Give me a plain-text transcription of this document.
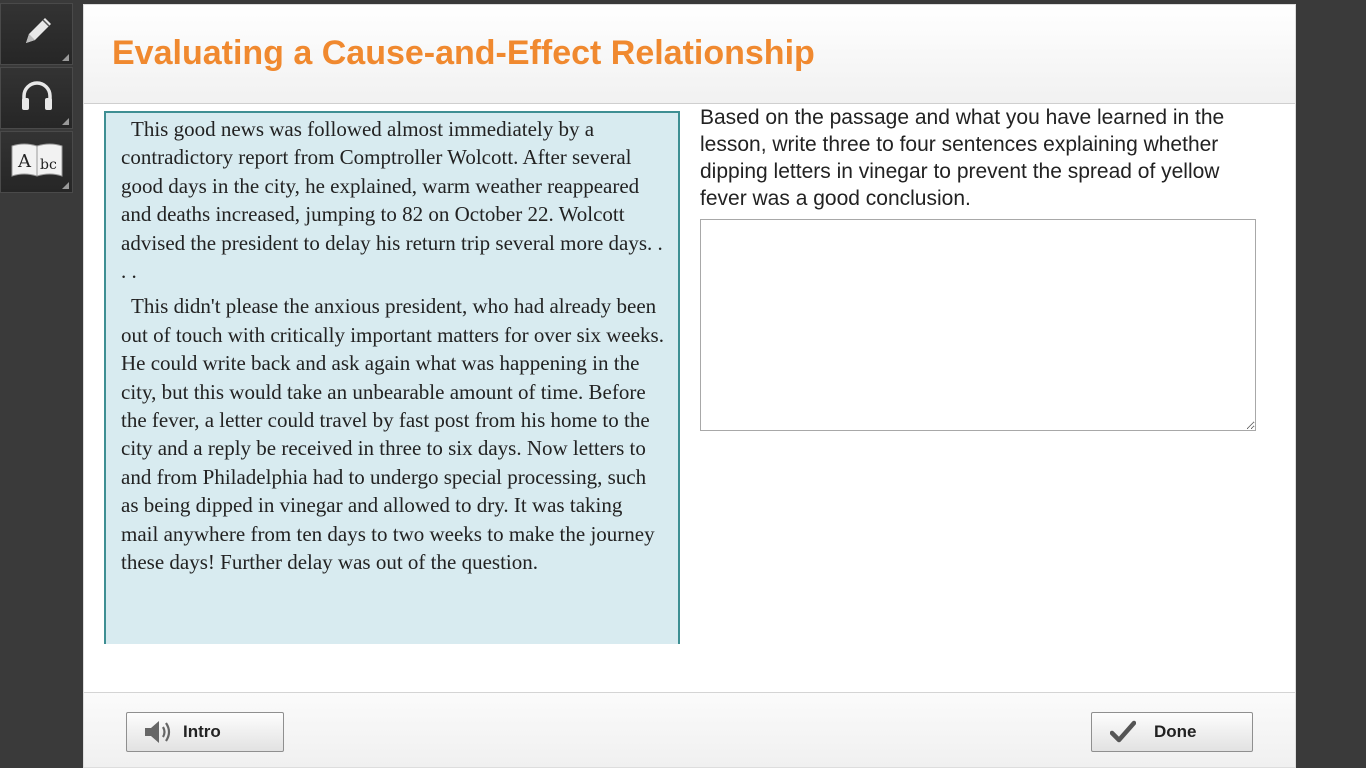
A bc
Evaluating a Cause-and-Effect Relationship

This good news was followed almost immediately by a contradictory report from Comptroller Wolcott. After several good days in the city, he explained, warm weather reappeared and deaths increased, jumping to 82 on October 22. Wolcott advised the president to delay his return trip several more days. . . .

This didn't please the anxious president, who had already been out of touch with critically important matters for over six weeks. He could write back and ask again what was happening in the city, but this would take an unbearable amount of time. Before the fever, a letter could travel by fast post from his home to the city and a reply be received in three to six days. Now letters to and from Philadelphia had to undergo special processing, such as being dipped in vinegar and allowed to dry. It was taking mail anywhere from ten days to two weeks to make the journey these days! Further delay was out of the question.

Based on the passage and what you have learned in the lesson, write three to four sentences explaining whether dipping letters in vinegar to prevent the spread of yellow fever was a good conclusion.

Intro	Done
